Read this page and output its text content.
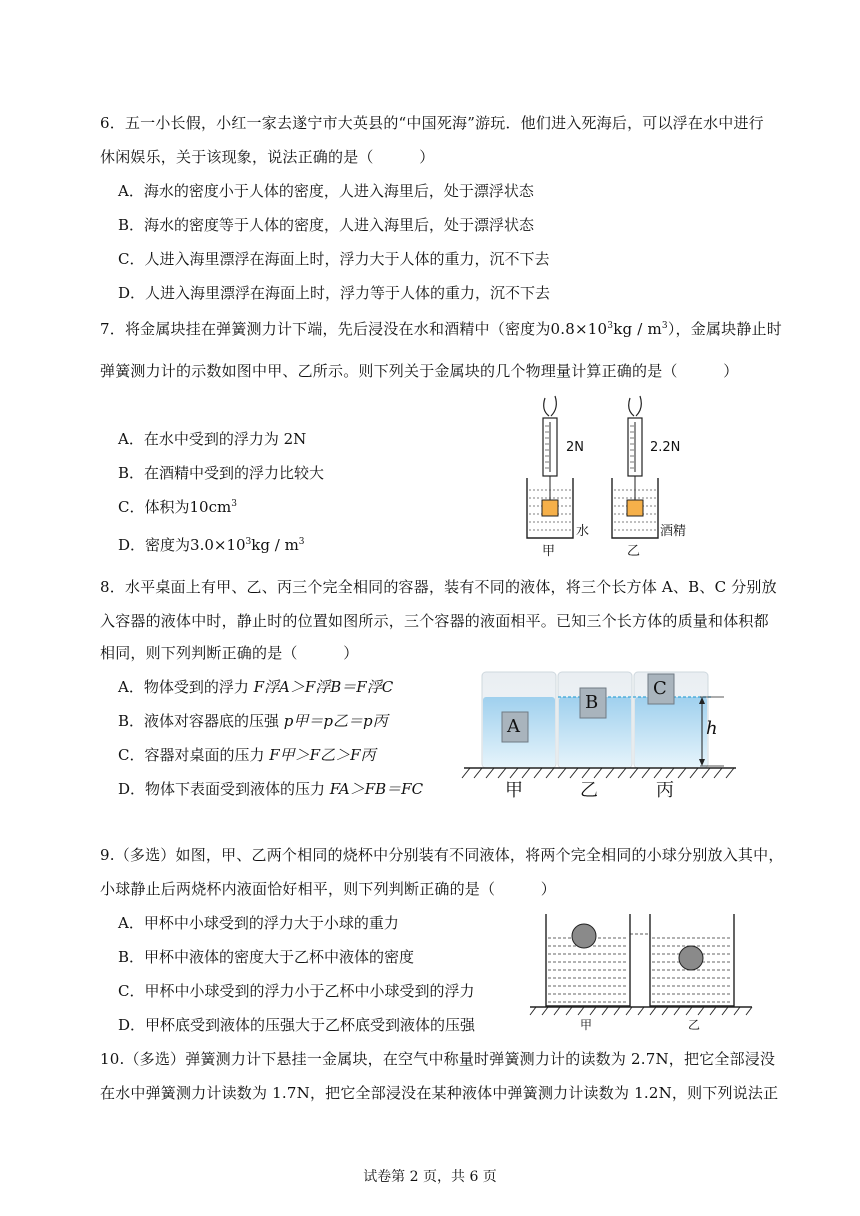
6．五一小长假，小红一家去遂宁市大英县的“中国死海”游玩．他们进入死海后，可以浮在水中进行
休闲娱乐，关于该现象，说法正确的是（　　　）
A．海水的密度小于人体的密度，人进入海里后，处于漂浮状态
B．海水的密度等于人体的密度，人进入海里后，处于漂浮状态
C．人进入海里漂浮在海面上时，浮力大于人体的重力，沉不下去
D．人进入海里漂浮在海面上时，浮力等于人体的重力，沉不下去
7．将金属块挂在弹簧测力计下端，先后浸没在水和酒精中（密度为$0.8\times 10^3kg / m^3$），金属块静止时
弹簧测力计的示数如图中甲、乙所示。则下列关于金属块的几个物理量计算正确的是（　　　）
A．在水中受到的浮力为 2N
B．在酒精中受到的浮力比较大
C．体积为$10cm^3$
D．密度为$3.0\times 10^3kg / m^3$
2N	2.2N
水	酒精
甲	乙
8．水平桌面上有甲、乙、丙三个完全相同的容器，装有不同的液体，将三个长方体 A、B、C 分别放
入容器的液体中时，静止时的位置如图所示，三个容器的液面相平。已知三个长方体的质量和体积都
相同，则下列判断正确的是（　　　）
A．物体受到的浮力 F浮A＞F浮B＝F浮C
B．液体对容器底的压强 p甲＝p乙＝p丙
C．容器对桌面的压力 F甲＞F乙＞F丙
D．物体下表面受到液体的压力 FA＞FB＝FC
A
B
C
h
甲	乙	丙
9.（多选）如图，甲、乙两个相同的烧杯中分别装有不同液体，将两个完全相同的小球分别放入其中，
小球静止后两烧杯内液面恰好相平，则下列判断正确的是（　　　）
A．甲杯中小球受到的浮力大于小球的重力
B．甲杯中液体的密度大于乙杯中液体的密度
C．甲杯中小球受到的浮力小于乙杯中小球受到的浮力
D．甲杯底受到液体的压强大于乙杯底受到液体的压强	甲	乙
10.（多选）弹簧测力计下悬挂一金属块，在空气中称量时弹簧测力计的读数为 2.7N，把它全部浸没
在水中弹簧测力计读数为 1.7N，把它全部浸没在某种液体中弹簧测力计读数为 1.2N，则下列说法正
试卷第 2 页，共 6 页
